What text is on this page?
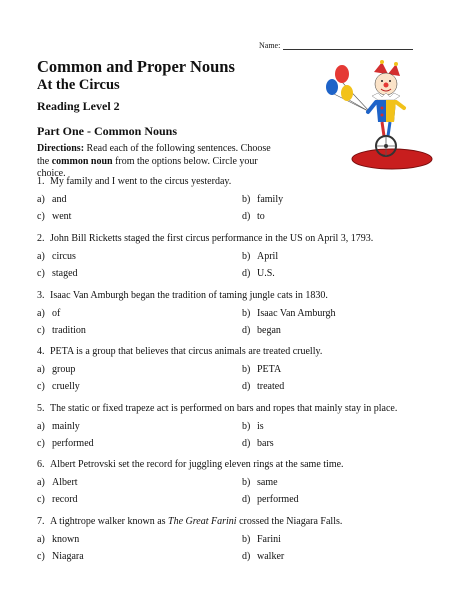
Name:
Common and Proper Nouns
At the Circus
Reading Level 2
Part One - Common Nouns
Directions: Read each of the following sentences. Choose the common noun from the options below. Circle your choice.
1. My family and I went to the circus yesterday.
a) and	b) family
c) went	d) to
2. John Bill Ricketts staged the first circus performance in the US on April 3, 1793.
a) circus	b) April
c) staged	d) U.S.
3. Isaac Van Amburgh began the tradition of taming jungle cats in 1830.
a) of	b) Isaac Van Amburgh
c) tradition	d) began
4. PETA is a group that believes that circus animals are treated cruelly.
a) group	b) PETA
c) cruelly	d) treated
5. The static or fixed trapeze act is performed on bars and ropes that mainly stay in place.
a) mainly	b) is
c) performed	d) bars
6. Albert Petrovski set the record for juggling eleven rings at the same time.
a) Albert	b) same
c) record	d) performed
7. A tightrope walker known as The Great Farini crossed the Niagara Falls.
a) known	b) Farini
c) Niagara	d) walker
